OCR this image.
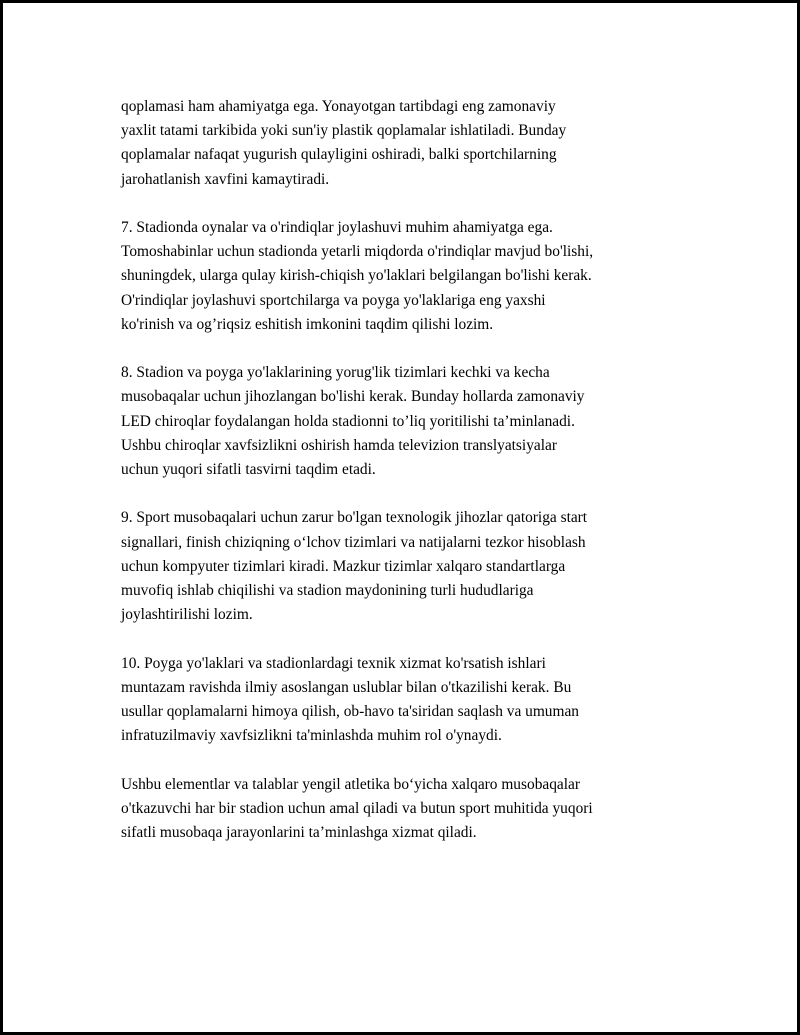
qoplamasi ham ahamiyatga ega. Yonayotgan tartibdagi eng zamonaviy
yaxlit tatami tarkibida yoki sun'iy plastik qoplamalar ishlatiladi. Bunday
qoplamalar nafaqat yugurish qulayligini oshiradi, balki sportchilarning
jarohatlanish xavfini kamaytiradi.

7. Stadionda oynalar va o'rindiqlar joylashuvi muhim ahamiyatga ega.
Tomoshabinlar uchun stadionda yetarli miqdorda o'rindiqlar mavjud bo'lishi,
shuningdek, ularga qulay kirish-chiqish yo'laklari belgilangan bo'lishi kerak.
O'rindiqlar joylashuvi sportchilarga va poyga yo'laklariga eng yaxshi
ko'rinish va og’riqsiz eshitish imkonini taqdim qilishi lozim.

8. Stadion va poyga yo'laklarining yorug'lik tizimlari kechki va kecha
musobaqalar uchun jihozlangan bo'lishi kerak. Bunday hollarda zamonaviy
LED chiroqlar foydalangan holda stadionni to’liq yoritilishi ta’minlanadi.
Ushbu chiroqlar xavfsizlikni oshirish hamda televizion translyatsiyalar
uchun yuqori sifatli tasvirni taqdim etadi.

9. Sport musobaqalari uchun zarur bo'lgan texnologik jihozlar qatoriga start
signallari, finish chiziqning o‘lchov tizimlari va natijalarni tezkor hisoblash
uchun kompyuter tizimlari kiradi. Mazkur tizimlar xalqaro standartlarga
muvofiq ishlab chiqilishi va stadion maydonining turli hududlariga
joylashtirilishi lozim.

10. Poyga yo'laklari va stadionlardagi texnik xizmat ko'rsatish ishlari
muntazam ravishda ilmiy asoslangan uslublar bilan o'tkazilishi kerak. Bu
usullar qoplamalarni himoya qilish, ob-havo ta'siridan saqlash va umuman
infratuzilmaviy xavfsizlikni ta'minlashda muhim rol o'ynaydi.

Ushbu elementlar va talablar yengil atletika bo‘yicha xalqaro musobaqalar
o'tkazuvchi har bir stadion uchun amal qiladi va butun sport muhitida yuqori
sifatli musobaqa jarayonlarini ta’minlashga xizmat qiladi.
